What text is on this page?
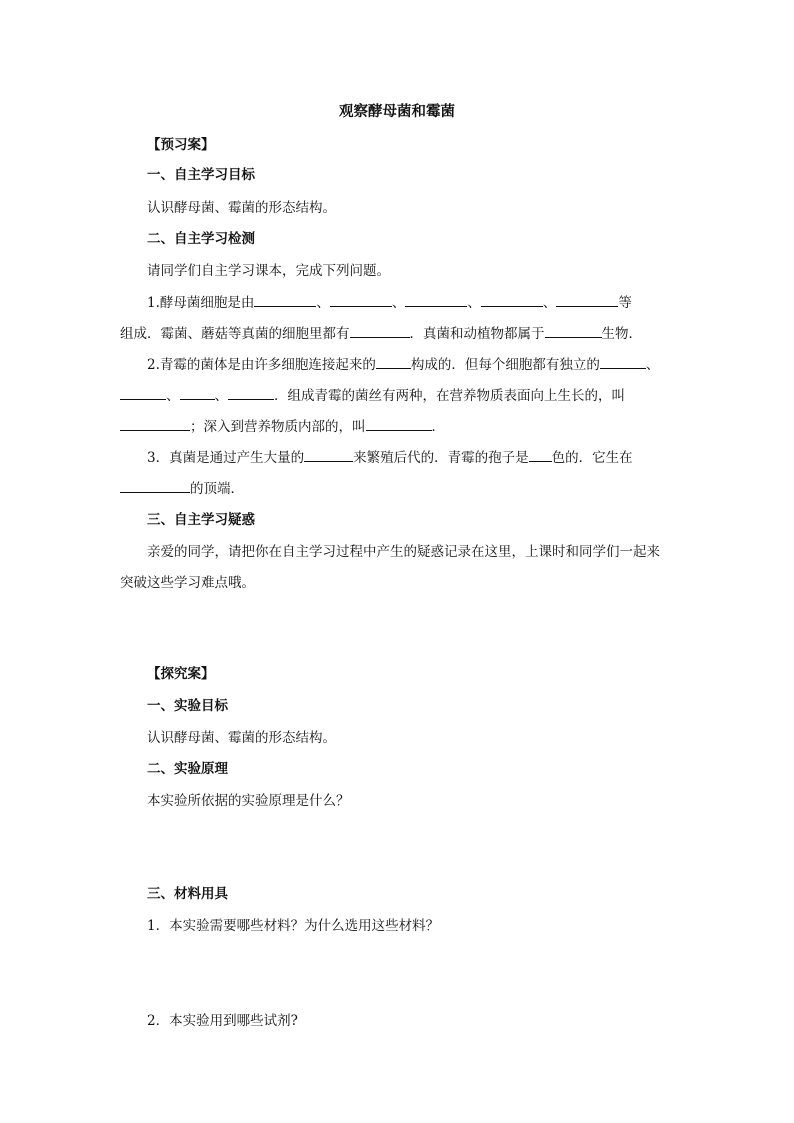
观察酵母菌和霉菌
【预习案】
一、自主学习目标
认识酵母菌、霉菌的形态结构。
二、自主学习检测
请同学们自主学习课本，完成下列问题。
1.酵母菌细胞是由	、	、	、	、	等
组成．霉菌、蘑菇等真菌的细胞里都有	．真菌和动植物都属于	生物．
2.青霉的菌体是由许多细胞连接起来的	构成的．但每个细胞都有独立的	、
、	、	．组成青霉的菌丝有两种，在营养物质表面向上生长的，叫
；深入到营养物质内部的，叫	．
3．真菌是通过产生大量的	来繁殖后代的．青霉的孢子是 色的．它生在
的顶端．
三、自主学习疑惑
亲爱的同学，请把你在自主学习过程中产生的疑惑记录在这里，上课时和同学们一起来
突破这些学习难点哦。
【探究案】
一、实验目标
认识酵母菌、霉菌的形态结构。
二、实验原理
本实验所依据的实验原理是什么？
三、材料用具
1．本实验需要哪些材料？为什么选用这些材料？
2．本实验用到哪些试剂?
